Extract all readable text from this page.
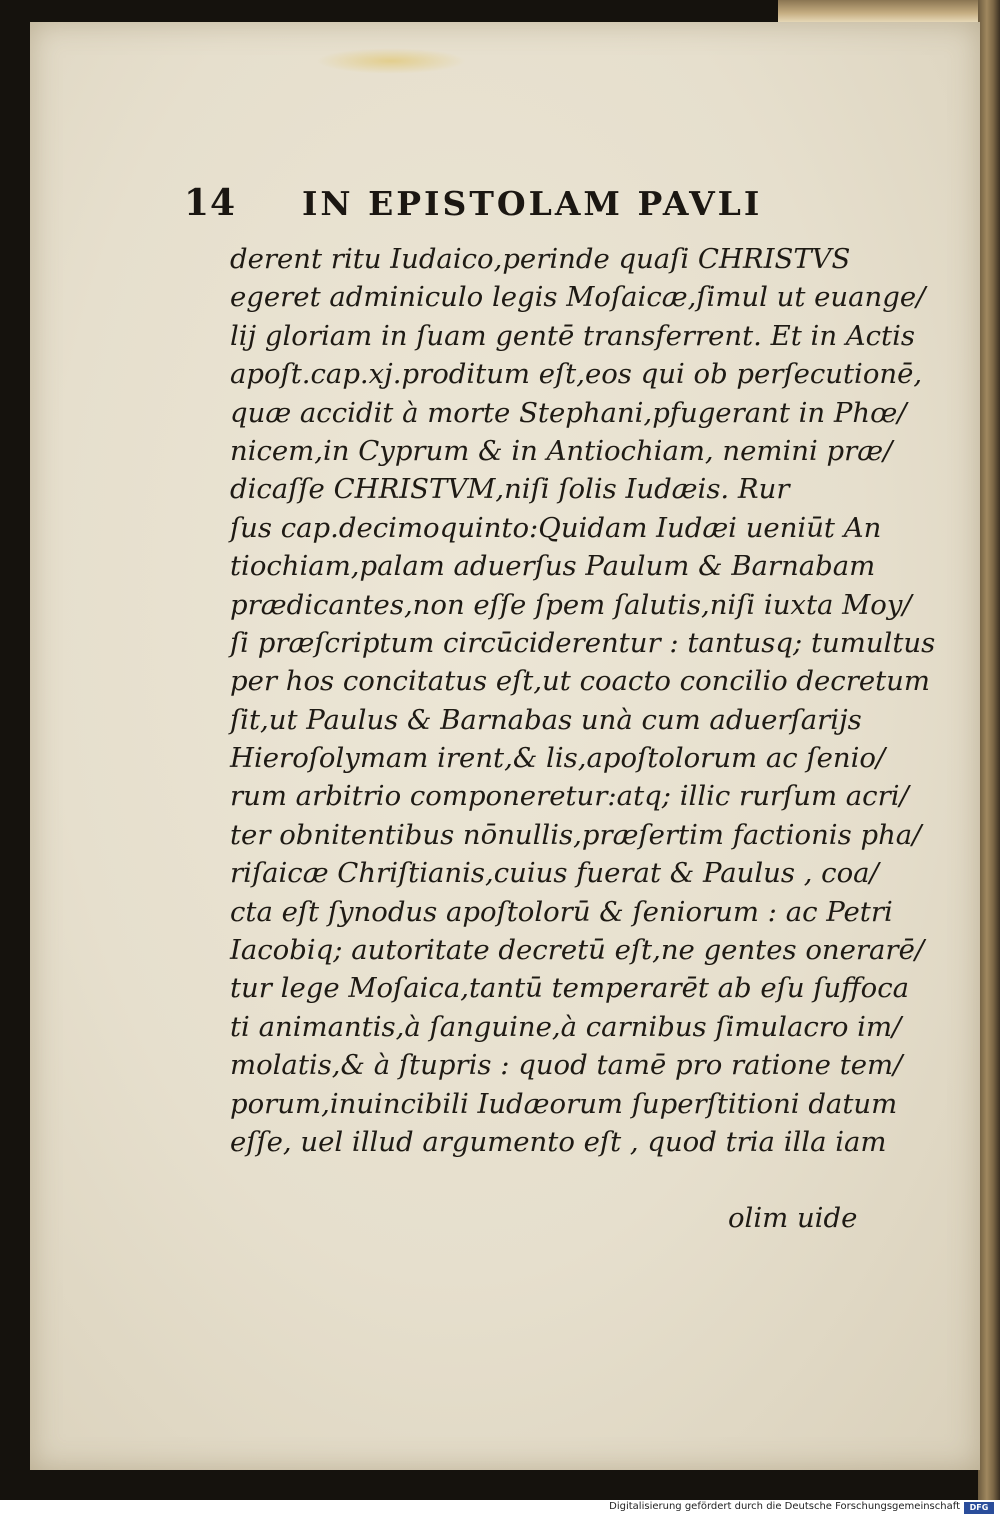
14 IN EPISTOLAM PAVLI
derent ritu Iudaico,perinde quaſi CHRISTVS
egeret adminiculo legis Moſaicæ,ſimul ut euange/
lij gloriam in ſuam gentē transferrent. Et in Actis
apoſt.cap.xj.proditum eſt,eos qui ob perſecutionē,
quæ accidit à morte Stephani,pfugerant in Phœ/
nicem,in Cyprum & in Antiochiam, nemini præ/
dicaſſe CHRISTVM,niſi ſolis Iudæis. Rur
ſus cap.decimoquinto:Quidam Iudæi ueniūt An
tiochiam,palam aduerſus Paulum & Barnabam
prædicantes,non eſſe ſpem ſalutis,niſi iuxta Moy/
ſi præſcriptum circūciderentur : tantusq; tumultus
per hos concitatus eſt,ut coacto concilio decretum
ſit,ut Paulus & Barnabas unà cum aduerſarijs
Hieroſolymam irent,& lis,apoſtolorum ac ſenio/
rum arbitrio componeretur:atq; illic rurſum acri/
ter obnitentibus nōnullis,præſertim factionis pha/
riſaicæ Chriſtianis,cuius fuerat & Paulus , coa/
cta eſt ſynodus apoſtolorū & ſeniorum : ac Petri
Iacobiq; autoritate decretū eſt,ne gentes onerarē/
tur lege Moſaica,tantū temperarēt ab eſu ſuffoca
ti animantis,à ſanguine,à carnibus ſimulacro im/
molatis,& à ſtupris : quod tamē pro ratione tem/
porum,inuincibili Iudæorum ſuperſtitioni datum
eſſe, uel illud argumento eſt , quod tria illa iam
olim uide
Digitalisierung gefördert durch die Deutsche Forschungsgemeinschaft	DFG
